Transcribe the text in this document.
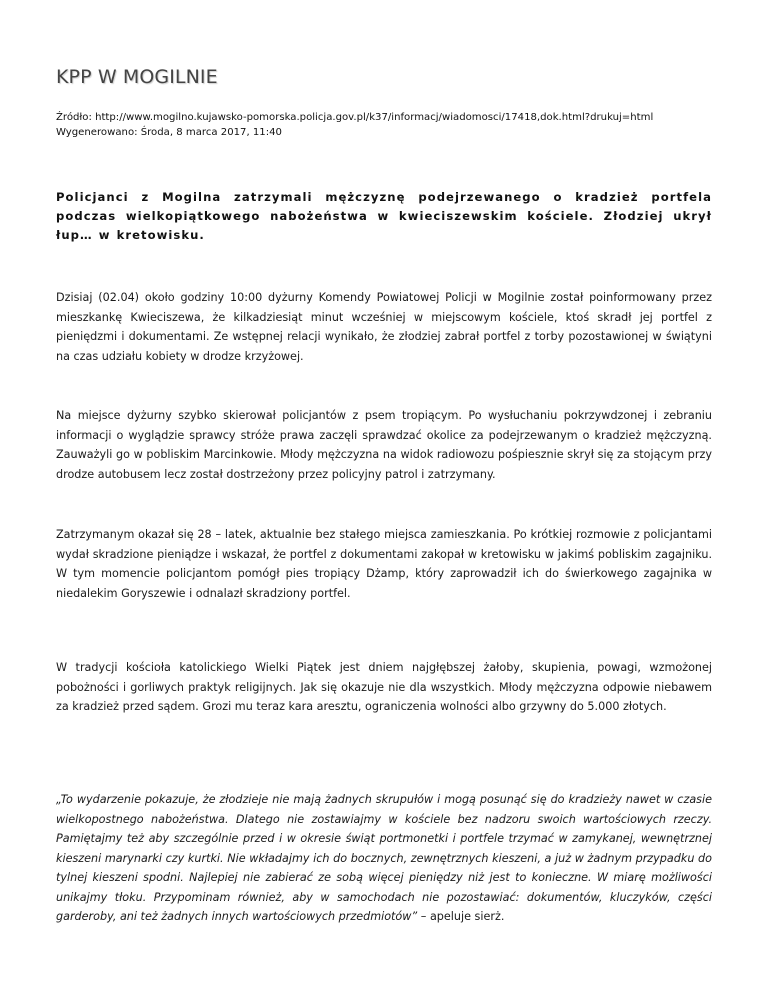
KPP W MOGILNIE
Źródło: http://www.mogilno.kujawsko-pomorska.policja.gov.pl/k37/informacj/wiadomosci/17418,dok.html?drukuj=html
Wygenerowano: Środa, 8 marca 2017, 11:40
Policjanci z Mogilna zatrzymali mężczyznę podejrzewanego o kradzież portfela podczas wielkopiątkowego nabożeństwa w kwieciszewskim kościele. Złodziej ukrył łup… w kretowisku.

Dzisiaj (02.04) około godziny 10:00 dyżurny Komendy Powiatowej Policji w Mogilnie został poinformowany przez mieszkankę Kwieciszewa, że kilkadziesiąt minut wcześniej w miejscowym kościele, ktoś skradł jej portfel z pieniędzmi i dokumentami. Ze wstępnej relacji wynikało, że złodziej zabrał portfel z torby pozostawionej w świątyni na czas udziału kobiety w drodze krzyżowej.

Na miejsce dyżurny szybko skierował policjantów z psem tropiącym. Po wysłuchaniu pokrzywdzonej i zebraniu informacji o wyglądzie sprawcy stróże prawa zaczęli sprawdzać okolice za podejrzewanym o kradzież mężczyzną. Zauważyli go w pobliskim Marcinkowie. Młody mężczyzna na widok radiowozu pośpiesznie skrył się za stojącym przy drodze autobusem lecz został dostrzeżony przez policyjny patrol i zatrzymany.

Zatrzymanym okazał się 28 – latek, aktualnie bez stałego miejsca zamieszkania. Po krótkiej rozmowie z policjantami wydał skradzione pieniądze i wskazał, że portfel z dokumentami zakopał w kretowisku w jakimś pobliskim zagajniku. W tym momencie policjantom pomógł pies tropiący Dżamp, który zaprowadził ich do świerkowego zagajnika w niedalekim Goryszewie i odnalazł skradziony portfel.

W tradycji kościoła katolickiego Wielki Piątek jest dniem najgłębszej żałoby, skupienia, powagi, wzmożonej pobożności i gorliwych praktyk religijnych. Jak się okazuje nie dla wszystkich. Młody mężczyzna odpowie niebawem za kradzież przed sądem. Grozi mu teraz kara aresztu, ograniczenia wolności albo grzywny do 5.000 złotych.

„To wydarzenie pokazuje, że złodzieje nie mają żadnych skrupułów i mogą posunąć się do kradzieży nawet w czasie wielkopostnego nabożeństwa. Dlatego nie zostawiajmy w kościele bez nadzoru swoich wartościowych rzeczy. Pamiętajmy też aby szczególnie przed i w okresie świąt portmonetki i portfele trzymać w zamykanej, wewnętrznej kieszeni marynarki czy kurtki. Nie wkładajmy ich do bocznych, zewnętrznych kieszeni, a już w żadnym przypadku do tylnej kieszeni spodni. Najlepiej nie zabierać ze sobą więcej pieniędzy niż jest to konieczne. W miarę możliwości unikajmy tłoku. Przypominam również, aby w samochodach nie pozostawiać: dokumentów, kluczyków, części garderoby, ani też żadnych innych wartościowych przedmiotów” – apeluje sierż.
